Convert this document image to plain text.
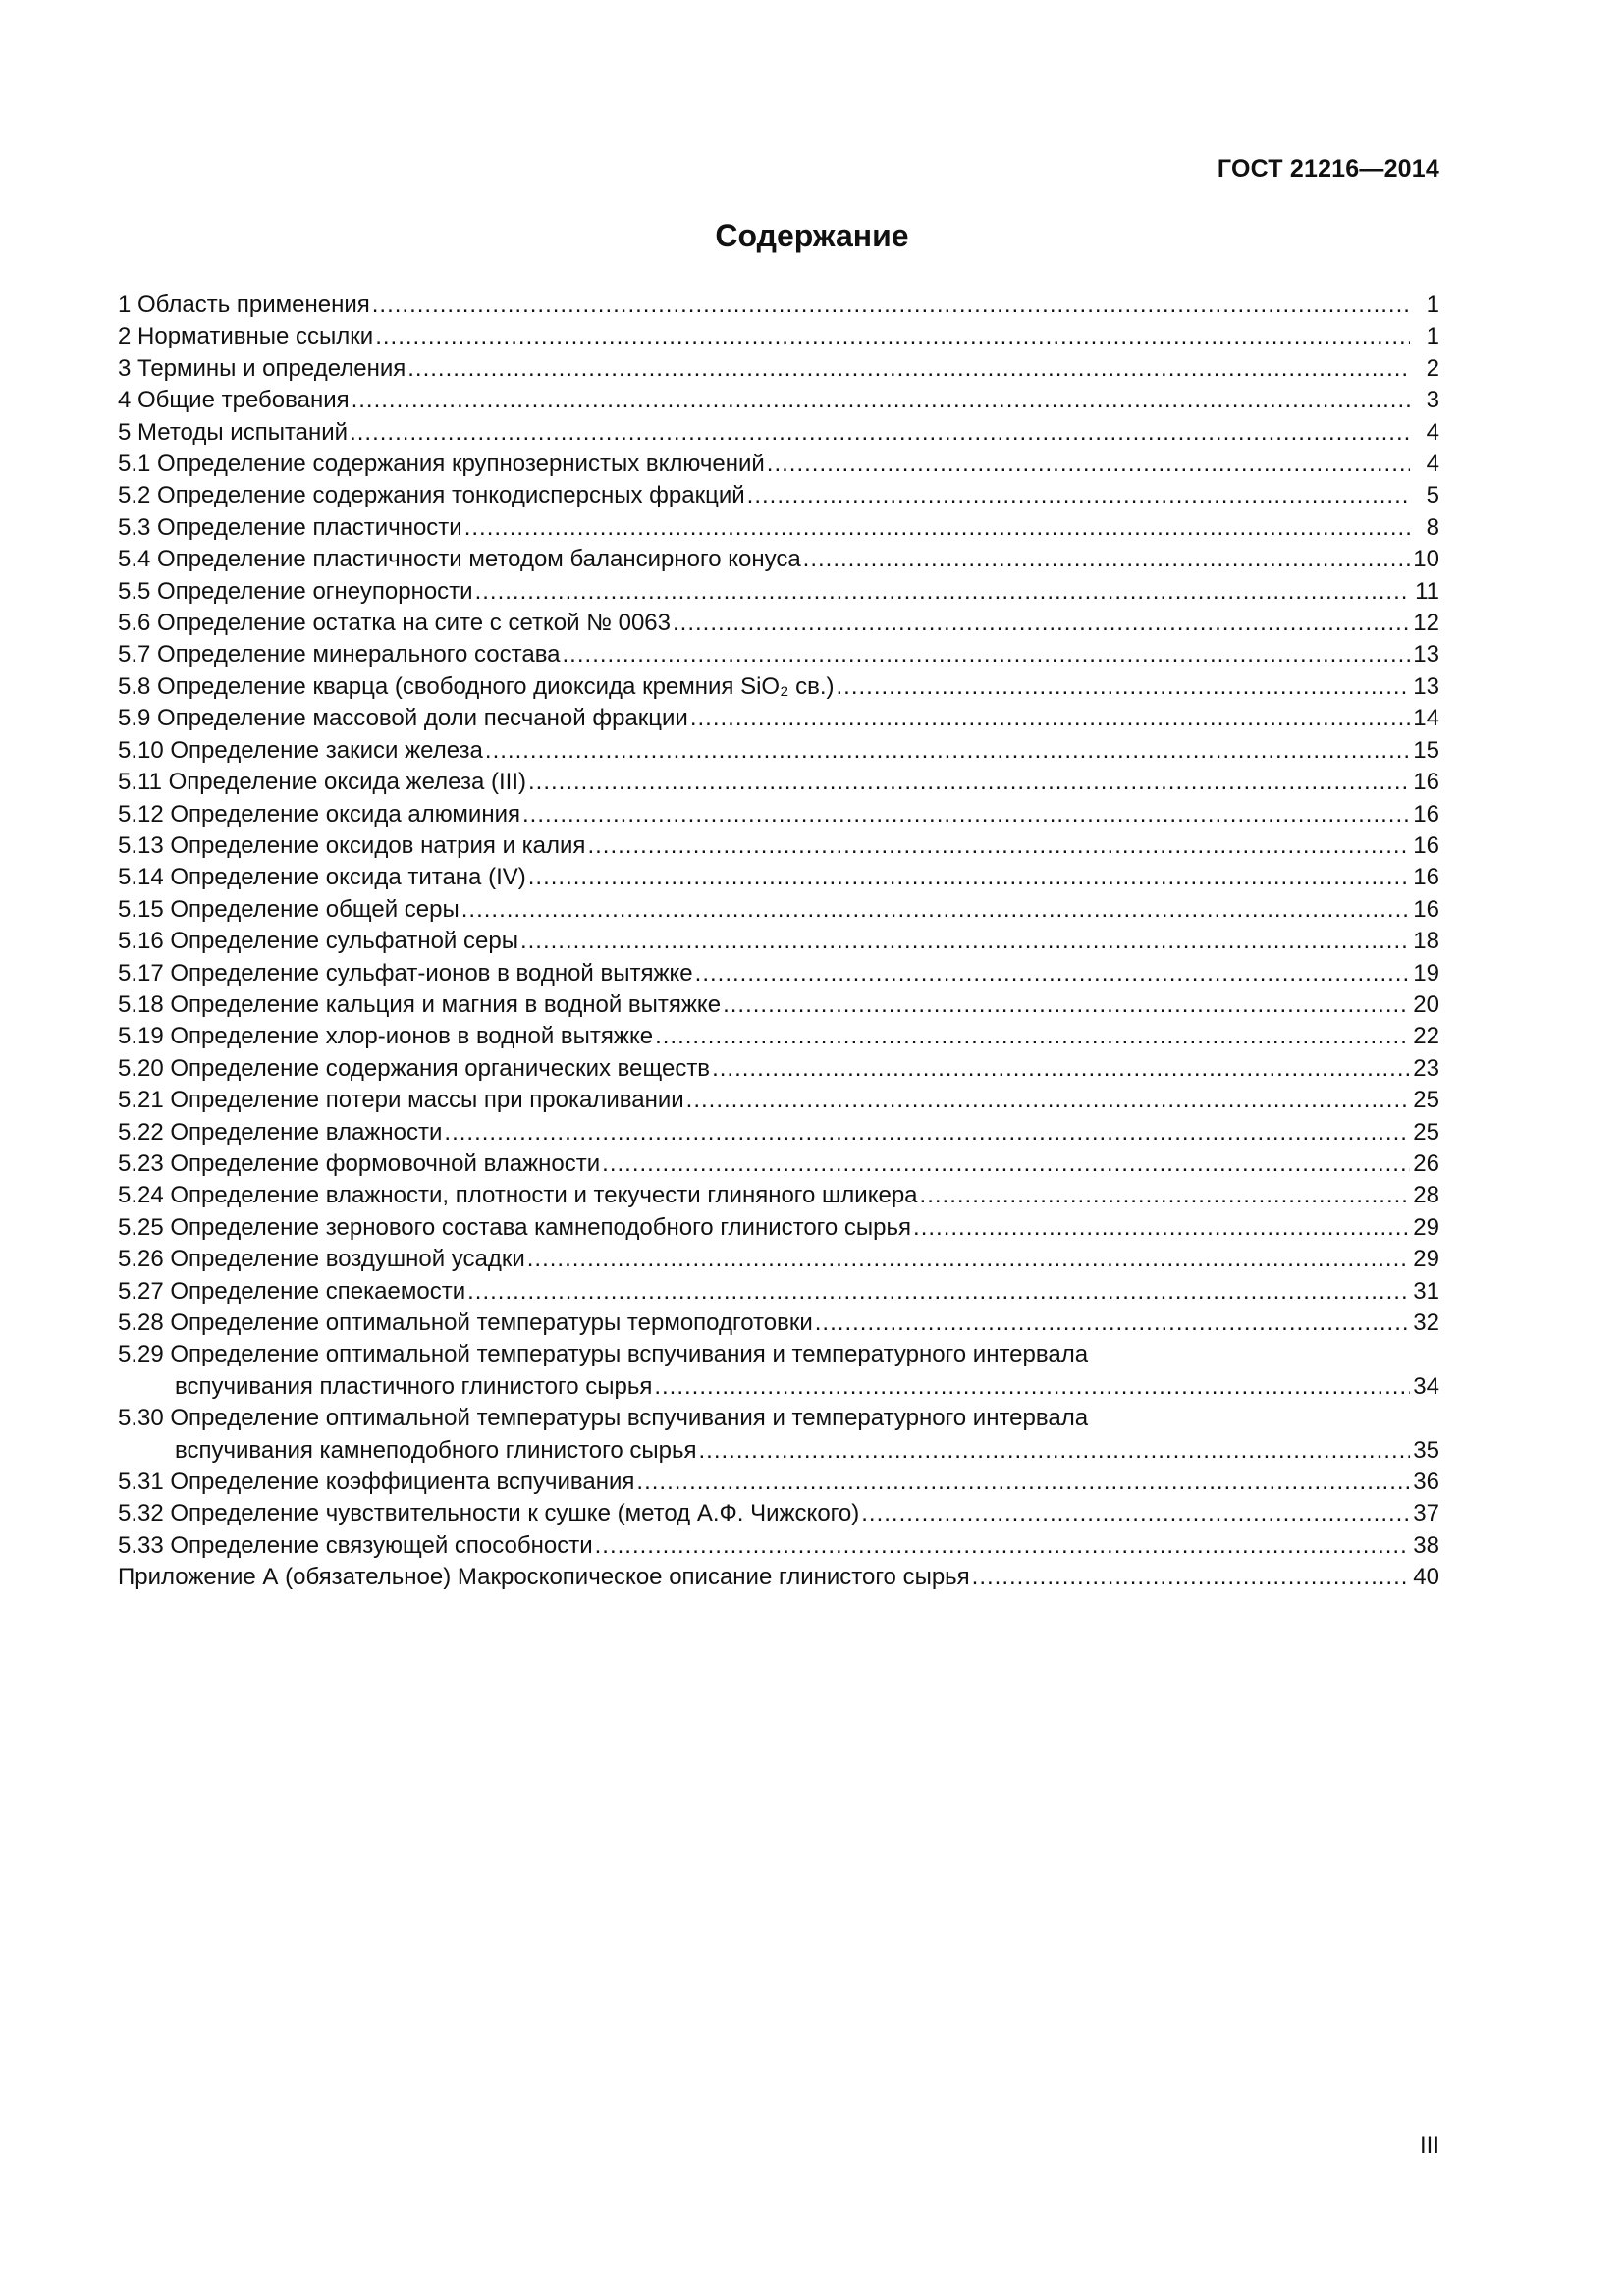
ГОСТ 21216—2014
Содержание
1 Область применения .....	1
2 Нормативные ссылки .....	1
3 Термины и определения .....	2
4 Общие требования .....	3
5 Методы испытаний .....	4
5.1 Определение содержания крупнозернистых включений .....	4
5.2 Определение содержания тонкодисперсных фракций .....	5
5.3 Определение пластичности .....	8
5.4 Определение пластичности методом балансирного конуса .....	10
5.5 Определение огнеупорности .....	11
5.6 Определение остатка на сите с сеткой № 0063 .....	12
5.7 Определение минерального состава .....	13
5.8 Определение кварца (свободного диоксида кремния SiO₂ св.) .....	13
5.9 Определение массовой доли песчаной фракции .....	14
5.10 Определение закиси железа .....	15
5.11 Определение оксида железа (III) .....	16
5.12 Определение оксида алюминия .....	16
5.13 Определение оксидов натрия и калия .....	16
5.14 Определение оксида титана (IV) .....	16
5.15 Определение общей серы .....	16
5.16 Определение сульфатной серы .....	18
5.17 Определение сульфат-ионов в водной вытяжке .....	19
5.18 Определение кальция и магния в водной вытяжке .....	20
5.19 Определение хлор-ионов в водной вытяжке .....	22
5.20 Определение содержания органических веществ .....	23
5.21 Определение потери массы при прокаливании .....	25
5.22 Определение влажности .....	25
5.23 Определение формовочной влажности .....	26
5.24 Определение влажности, плотности и текучести глиняного шликера .....	28
5.25 Определение зернового состава камнеподобного глинистого сырья .....	29
5.26 Определение воздушной усадки .....	29
5.27 Определение спекаемости .....	31
5.28 Определение оптимальной температуры термоподготовки .....	32
5.29 Определение оптимальной температуры вспучивания и температурного интервала
вспучивания пластичного глинистого сырья .....	34
5.30 Определение оптимальной температуры вспучивания и температурного интервала
вспучивания камнеподобного глинистого сырья .....	35
5.31 Определение коэффициента вспучивания .....	36
5.32 Определение чувствительности к сушке (метод А.Ф. Чижского) .....	37
5.33 Определение связующей способности .....	38
Приложение А (обязательное) Макроскопическое описание глинистого сырья .....	40
III
